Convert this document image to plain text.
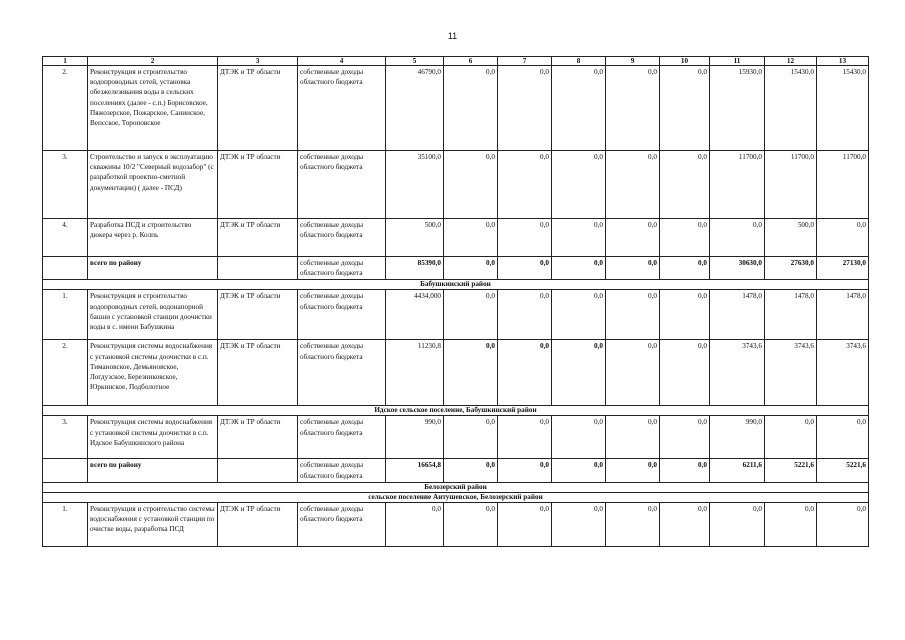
11
1	2	3	4	5	6	7	8	9	10	11	12	13
2.	Реконструкция и строительство водопроводных сетей, установка обезжелезивания воды в сельских поселениях (далее - с.п.) Борисовское, Пяжозерское, Пожарское, Санинское, Вепсское, Тороповское	ДТЭК и ТР области	собственные доходы областного бюджета	46790,0	0,0	0,0	0,0	0,0	0,0	15930,0	15430,0	15430,0
3.	Строительство и запуск в эксплуатацию скважины 10/2 "Северный водозабор" (с разработкой проектно-сметной документации) ( далее - ПСД)	ДТЭК и ТР области	собственные доходы областного бюджета	35100,0	0,0	0,0	0,0	0,0	0,0	11700,0	11700,0	11700,0
4.	Разработка ПСД и строительство дюкера через р. Колпь	ДТЭК и ТР области	собственные доходы областного бюджета	500,0	0,0	0,0	0,0	0,0	0,0	0,0	500,0	0,0
	всего по району		собственные доходы областного бюджета	85390,0	0,0	0,0	0,0	0,0	0,0	30630,0	27630,0	27130,0
Бабушкинский район												
1.	Реконструкция и строительство водопроводных сетей, водонапорной башни с установкой станции доочистки воды в с. имени Бабушкина	ДТЭК и ТР области	собственные доходы областного бюджета	4434,000	0,0	0,0	0,0	0,0	0,0	1478,0	1478,0	1478,0
2.	Реконструкция системы водоснабжения с установкой системы доочистки в с.п. Тимановское, Демьяновское, Логдузское, Березниковское, Юркинское, Подболотное	ДТЭК и ТР области	собственные доходы областного бюджета	11230,8	0,0	0,0	0,0	0,0	0,0	3743,6	3743,6	3743,6
Идское сельское поселение, Бабушкинский район												
3.	Реконструкция системы водоснабжения с установкой системы доочистки в с.п. Идское Бабушкинского района	ДТЭК и ТР области	собственные доходы областного бюджета	990,0	0,0	0,0	0,0	0,0	0,0	990,0	0,0	0,0
	всего по району		собственные доходы областного бюджета	16654,8	0,0	0,0	0,0	0,0	0,0	6211,6	5221,6	5221,6
Белозерский район												
сельское поселение Антушевское, Белозерский район												
1.	Реконструкция и строительство системы водоснабжения с установкой станции по очистке воды, разработка ПСД	ДТЭК и ТР области	собственные доходы областного бюджета	0,0	0,0	0,0	0,0	0,0	0,0	0,0	0,0	0,0
